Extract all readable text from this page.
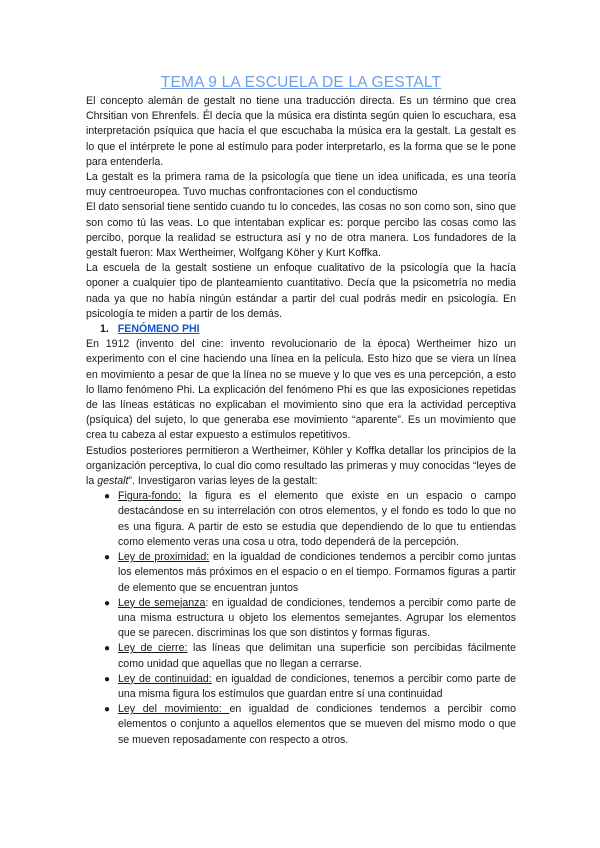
TEMA 9 LA ESCUELA DE LA GESTALT

El concepto alemán de gestalt no tiene una traducción directa. Es un término que crea Chrsitian von Ehrenfels. Él decía que la música era distinta según quien lo escuchara, esa interpretación psíquica que hacía el que escuchaba la música era la gestalt. La gestalt es lo que el intérprete le pone al estímulo para poder interpretarlo, es la forma que se le pone para entenderla.

La gestalt es la primera rama de la psicología que tiene un idea unificada, es una teoría muy centroeuropea. Tuvo muchas confrontaciones con el conductismo

El dato sensorial tiene sentido cuando tu lo concedes, las cosas no son como son, sino que son como tú las veas. Lo que intentaban explicar es: porque percibo las cosas como las percibo, porque la realidad se estructura así y no de otra manera. Los fundadores de la gestalt fueron: Max Wertheimer, Wolfgang Köher y Kurt Koffka.

La escuela de la gestalt sostiene un enfoque cualitativo de la psicología que la hacía oponer a cualquier tipo de planteamiento cuantitativo. Decía que la psicometría no media nada ya que no había ningún estándar a partir del cual podrás medir en psicología. En psicología te miden a partir de los demás.

1. FENÓMENO PHI

En 1912 (invento del cine: invento revolucionario de la época) Wertheimer hizo un experimento con el cine haciendo una línea en la película. Esto hizo que se viera un línea en movimiento a pesar de que la línea no se mueve y lo que ves es una percepción, a esto lo llamo fenómeno Phi. La explicación del fenómeno Phi es que las exposiciones repetidas de las líneas estáticas no explicaban el movimiento sino que era la actividad perceptiva (psíquica) del sujeto, lo que generaba ese movimiento “aparente”. Es un movimiento que crea tu cabeza al estar expuesto a estímulos repetitivos.

Estudios posteriores permitieron a Wertheimer, Köhler y Koffka detallar los principios de la organización perceptiva, lo cual dio como resultado las primeras y muy conocidas “leyes de la gestalt”. Investigaron varias leyes de la gestalt:

● Figura-fondo: la figura es el elemento que existe en un espacio o campo destacándose en su interrelación con otros elementos, y el fondo es todo lo que no es una figura. A partir de esto se estudia que dependiendo de lo que tu entiendas como elemento veras una cosa u otra, todo dependerá de la percepción.
● Ley de proximidad: en la igualdad de condiciones tendemos a percibir como juntas los elementos más próximos en el espacio o en el tiempo. Formamos figuras a partir de elemento que se encuentran juntos
● Ley de semejanza: en igualdad de condiciones, tendemos a percibir como parte de una misma estructura u objeto los elementos semejantes. Agrupar los elementos que se parecen. discriminas los que son distintos y formas figuras.
● Ley de cierre: las líneas que delimitan una superficie son percibidas fácilmente como unidad que aquellas que no llegan a cerrarse.
● Ley de continuidad: en igualdad de condiciones, tenemos a percibir como parte de una misma figura los estímulos que guardan entre sí una continuidad
● Ley del movimiento: en igualdad de condiciones tendemos a percibir como elementos o conjunto a aquellos elementos que se mueven del mismo modo o que se mueven reposadamente con respecto a otros.
